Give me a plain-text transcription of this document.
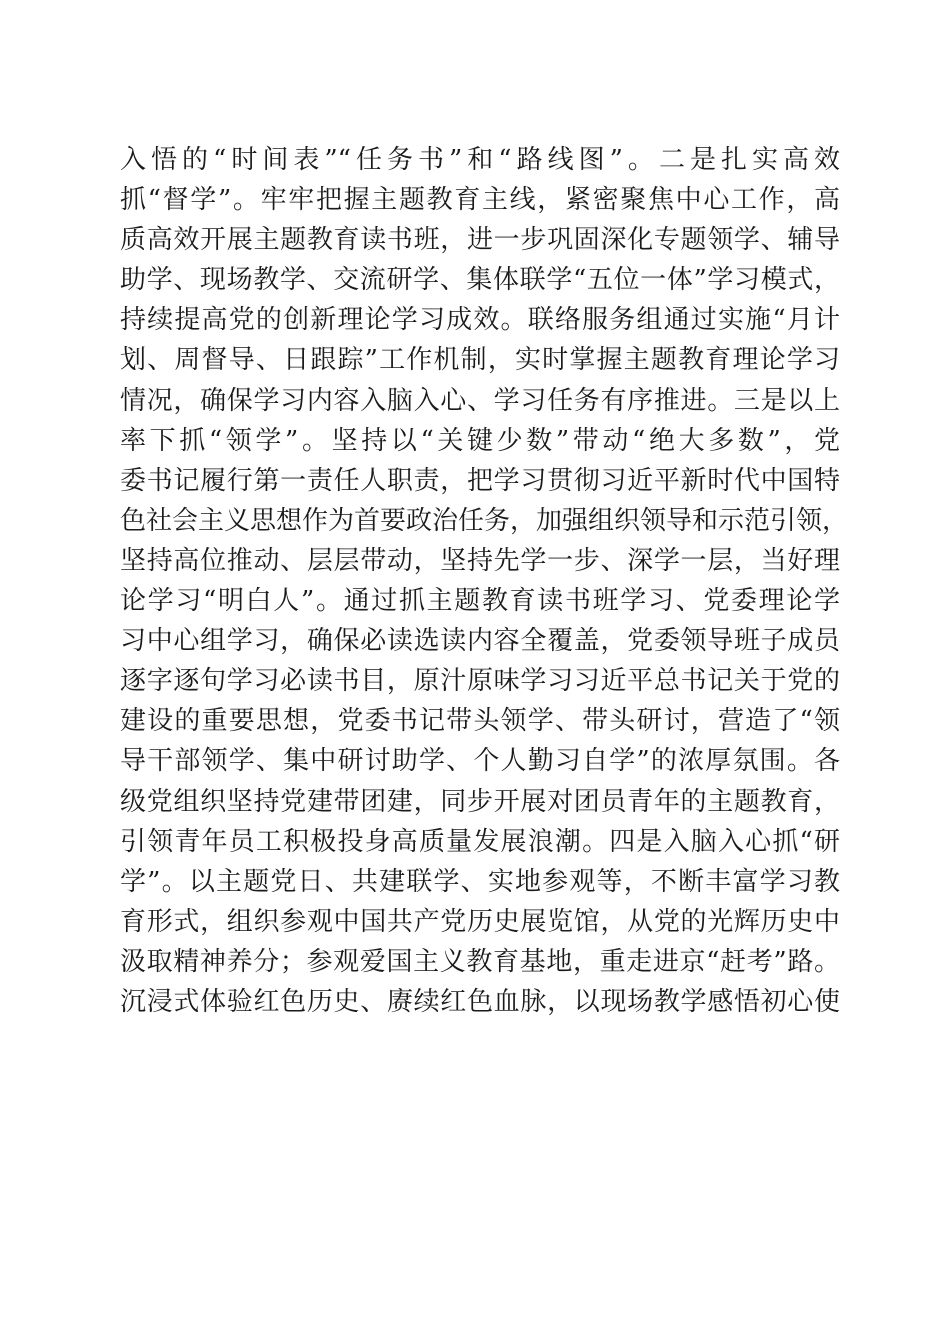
入悟的“时间表”“任务书”和“路线图”。二是扎实高效
抓“督学”。牢牢把握主题教育主线，紧密聚焦中心工作，高
质高效开展主题教育读书班，进一步巩固深化专题领学、辅导
助学、现场教学、交流研学、集体联学“五位一体”学习模式，
持续提高党的创新理论学习成效。联络服务组通过实施“月计
划、周督导、日跟踪”工作机制，实时掌握主题教育理论学习
情况，确保学习内容入脑入心、学习任务有序推进。三是以上
率下抓“领学”。坚持以“关键少数”带动“绝大多数”，党
委书记履行第一责任人职责，把学习贯彻习近平新时代中国特
色社会主义思想作为首要政治任务，加强组织领导和示范引领，
坚持高位推动、层层带动，坚持先学一步、深学一层，当好理
论学习“明白人”。通过抓主题教育读书班学习、党委理论学
习中心组学习，确保必读选读内容全覆盖，党委领导班子成员
逐字逐句学习必读书目，原汁原味学习习近平总书记关于党的
建设的重要思想，党委书记带头领学、带头研讨，营造了“领
导干部领学、集中研讨助学、个人勤习自学”的浓厚氛围。各
级党组织坚持党建带团建，同步开展对团员青年的主题教育，
引领青年员工积极投身高质量发展浪潮。四是入脑入心抓“研
学”。以主题党日、共建联学、实地参观等，不断丰富学习教
育形式，组织参观中国共产党历史展览馆，从党的光辉历史中
汲取精神养分；参观爱国主义教育基地，重走进京“赶考”路。
沉浸式体验红色历史、赓续红色血脉，以现场教学感悟初心使
